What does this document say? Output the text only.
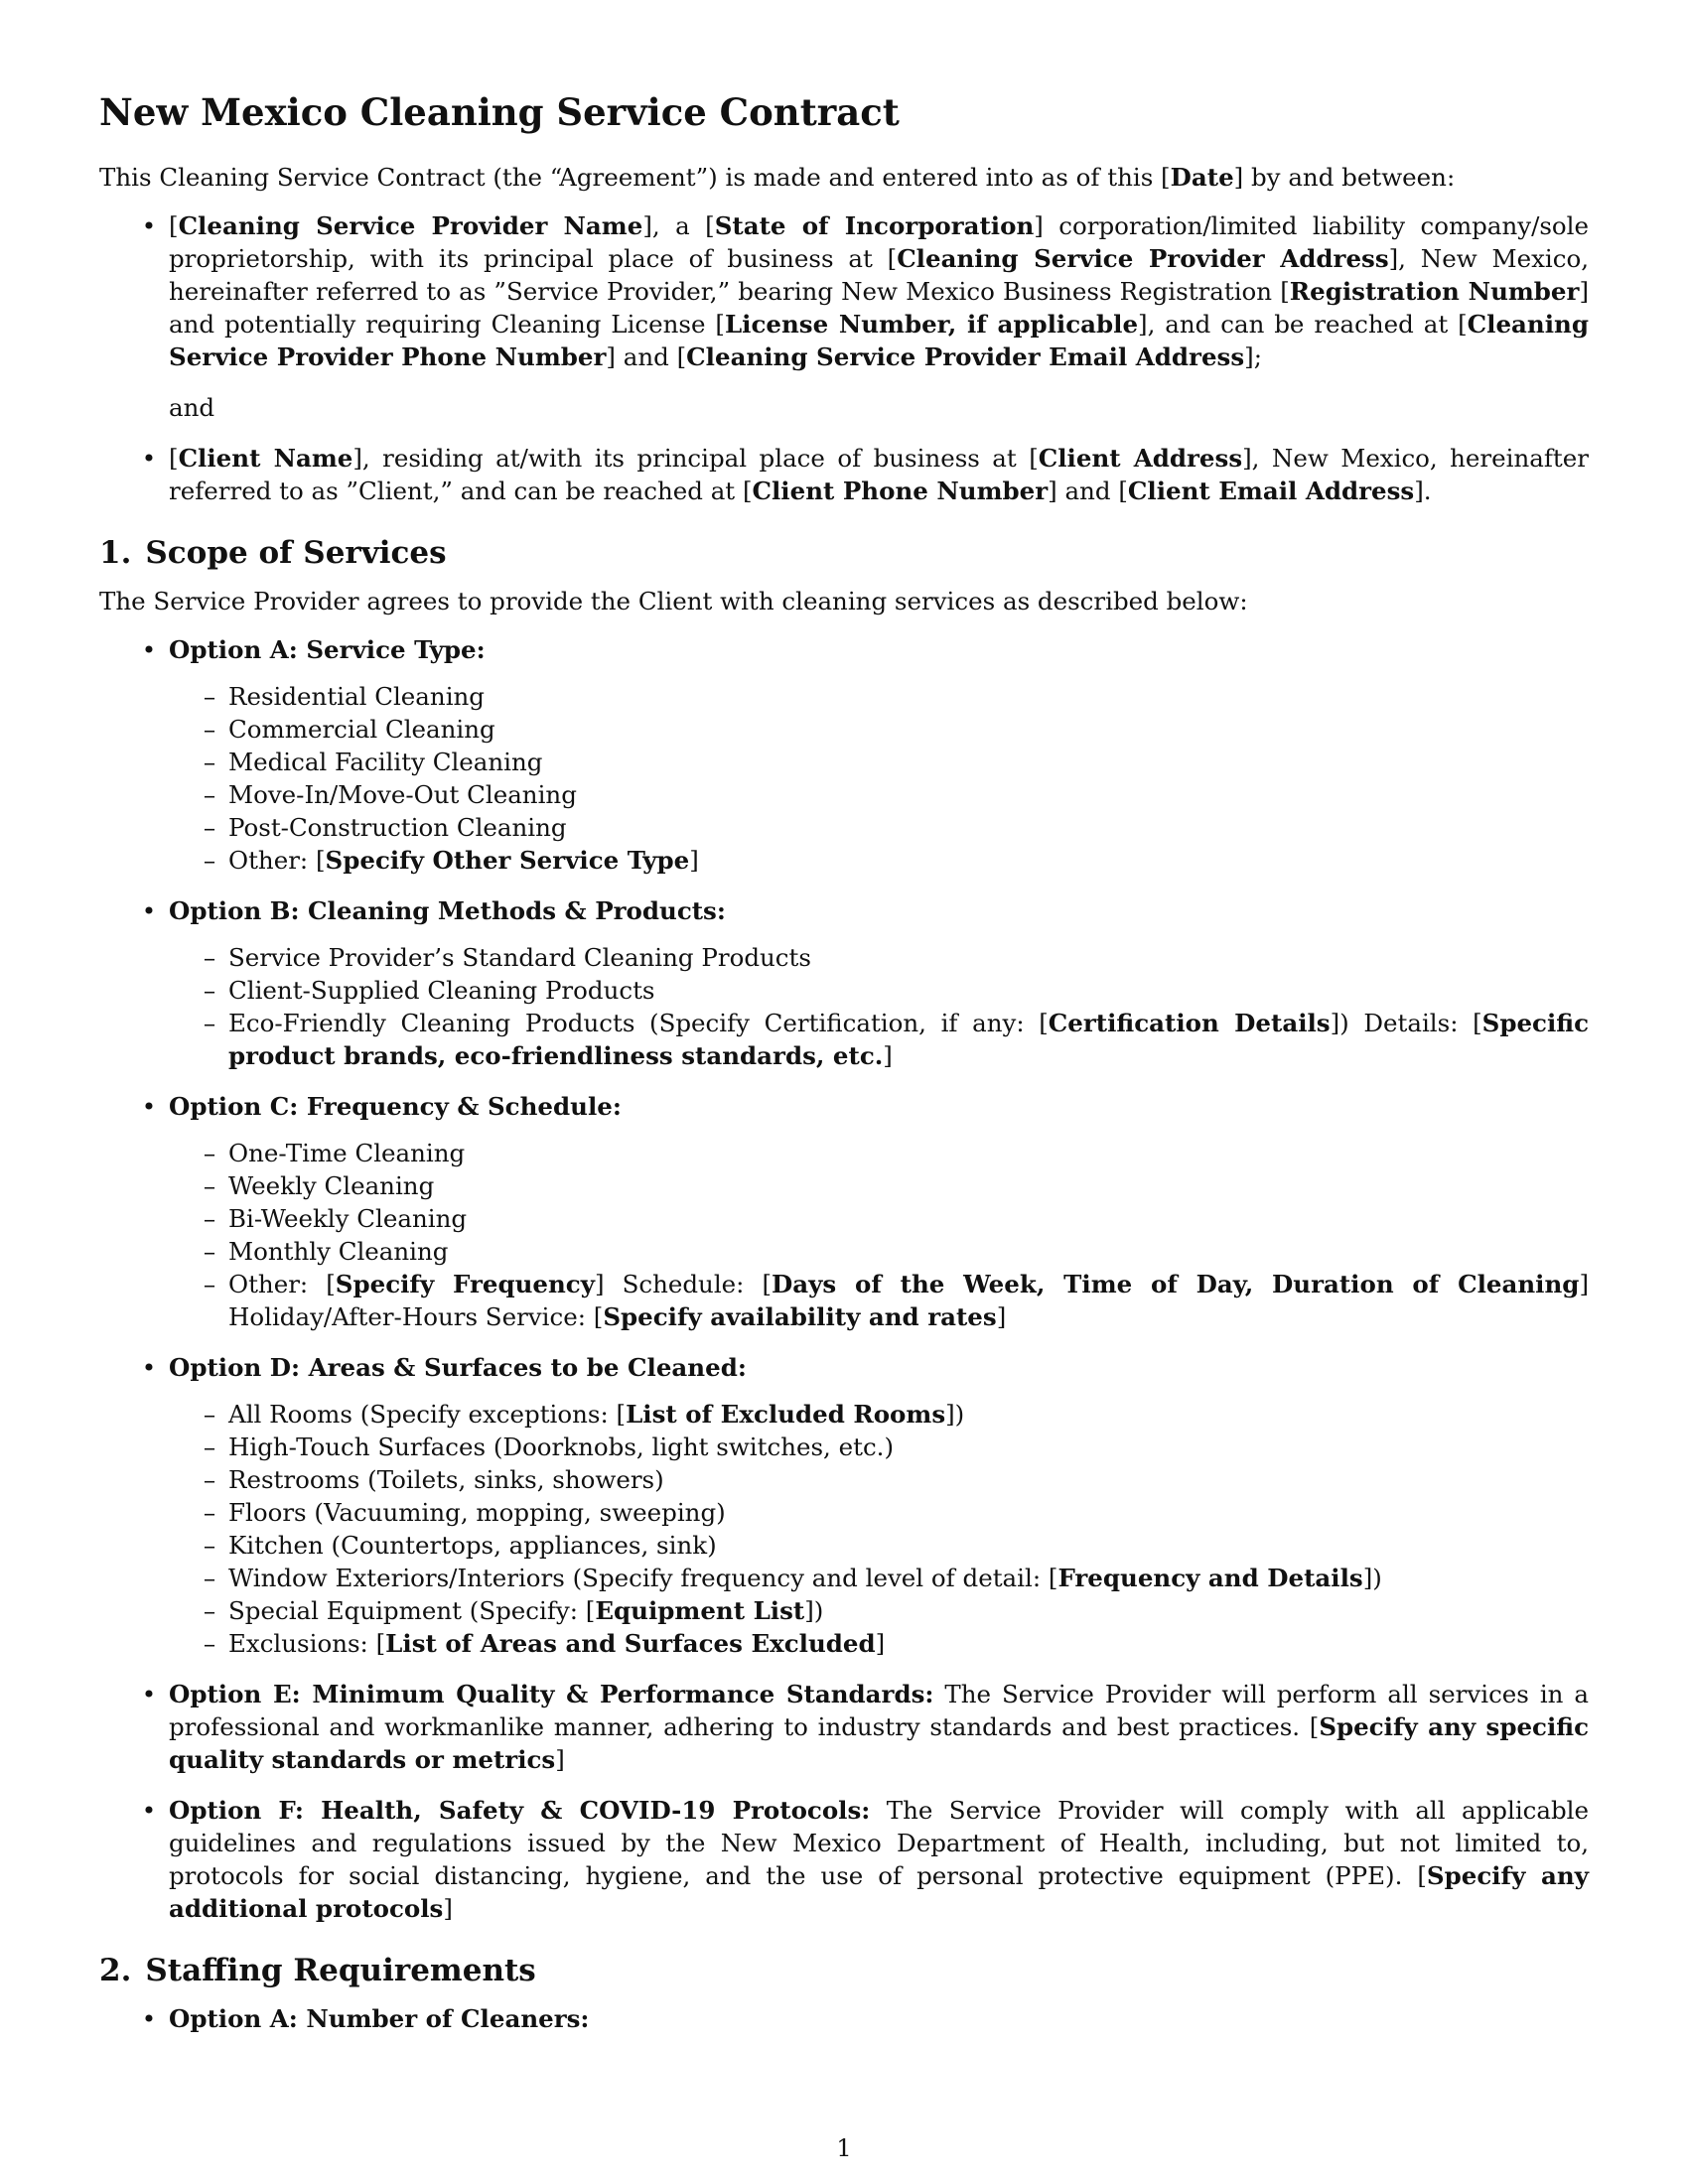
New Mexico Cleaning Service Contract

This Cleaning Service Contract (the “Agreement”) is made and entered into as of this [Date] by and between:

• [Cleaning Service Provider Name], a [State of Incorporation] corporation/limited liability company/sole proprietorship, with its principal place of business at [Cleaning Service Provider Address], New Mexico, hereinafter referred to as ”Service Provider,” bearing New Mexico Business Registration [Registration Number] and potentially requiring Cleaning License [License Number, if applicable], and can be reached at [Cleaning Service Provider Phone Number] and [Cleaning Service Provider Email Address];
and
• [Client Name], residing at/with its principal place of business at [Client Address], New Mexico, hereinafter referred to as ”Client,” and can be reached at [Client Phone Number] and [Client Email Address].
1. Scope of Services

The Service Provider agrees to provide the Client with cleaning services as described below:

• Option A: Service Type:
– Residential Cleaning
– Commercial Cleaning
– Medical Facility Cleaning
– Move-In/Move-Out Cleaning
– Post-Construction Cleaning
– Other: [Specify Other Service Type]
• Option B: Cleaning Methods & Products:
– Service Provider’s Standard Cleaning Products
– Client-Supplied Cleaning Products
– Eco-Friendly Cleaning Products (Specify Certification, if any: [Certification Details]) Details: [Specific product brands, eco-friendliness standards, etc.]
• Option C: Frequency & Schedule:
– One-Time Cleaning
– Weekly Cleaning
– Bi-Weekly Cleaning
– Monthly Cleaning
– Other: [Specify Frequency] Schedule: [Days of the Week, Time of Day, Duration of Cleaning] Holiday/After-Hours Service: [Specify availability and rates]
• Option D: Areas & Surfaces to be Cleaned:
– All Rooms (Specify exceptions: [List of Excluded Rooms])
– High-Touch Surfaces (Doorknobs, light switches, etc.)
– Restrooms (Toilets, sinks, showers)
– Floors (Vacuuming, mopping, sweeping)
– Kitchen (Countertops, appliances, sink)
– Window Exteriors/Interiors (Specify frequency and level of detail: [Frequency and Details])
– Special Equipment (Specify: [Equipment List])
– Exclusions: [List of Areas and Surfaces Excluded]
• Option E: Minimum Quality & Performance Standards: The Service Provider will perform all services in a professional and workmanlike manner, adhering to industry standards and best practices. [Specify any specific quality standards or metrics]
• Option F: Health, Safety & COVID-19 Protocols: The Service Provider will comply with all applicable guidelines and regulations issued by the New Mexico Department of Health, including, but not limited to, protocols for social distancing, hygiene, and the use of personal protective equipment (PPE). [Specify any additional protocols]
2. Staffing Requirements
• Option A: Number of Cleaners:
1
